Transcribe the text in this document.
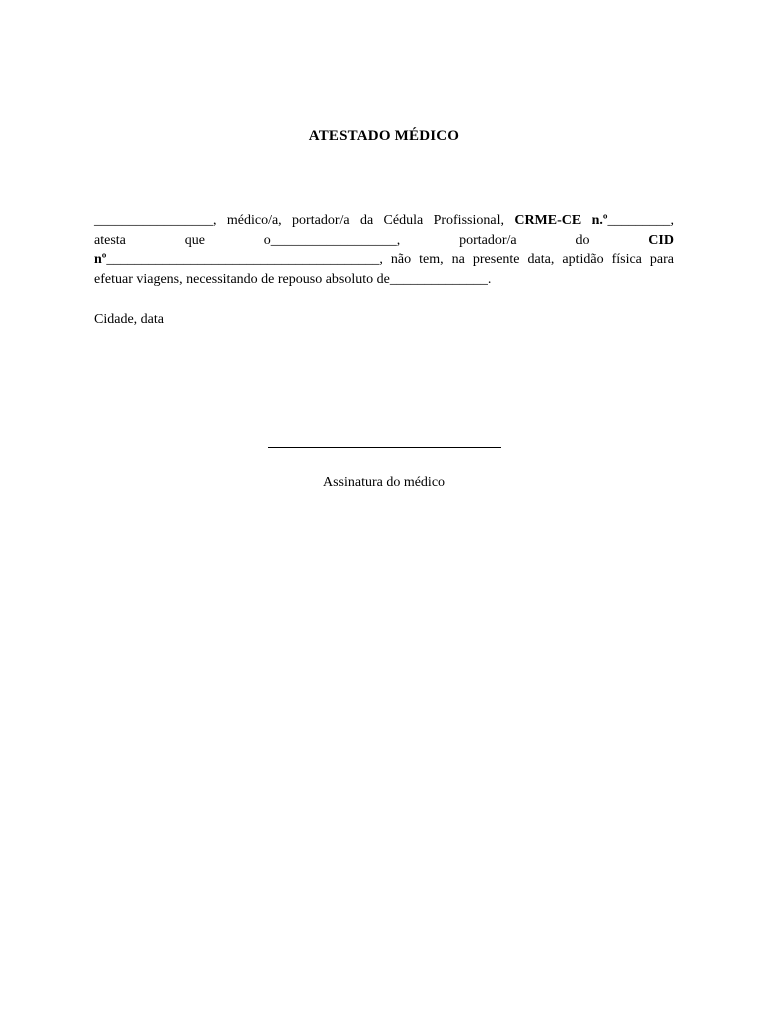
ATESTADO MÉDICO
_________________, médico/a, portador/a da Cédula Profissional, CRME-CE n.º_________,
atesta	que	o__________________,	portador/a	do	CID
nº_______________________________________, não tem, na presente data, aptidão física para
efetuar viagens, necessitando de repouso absoluto de______________.
Cidade, data
Assinatura do médico
